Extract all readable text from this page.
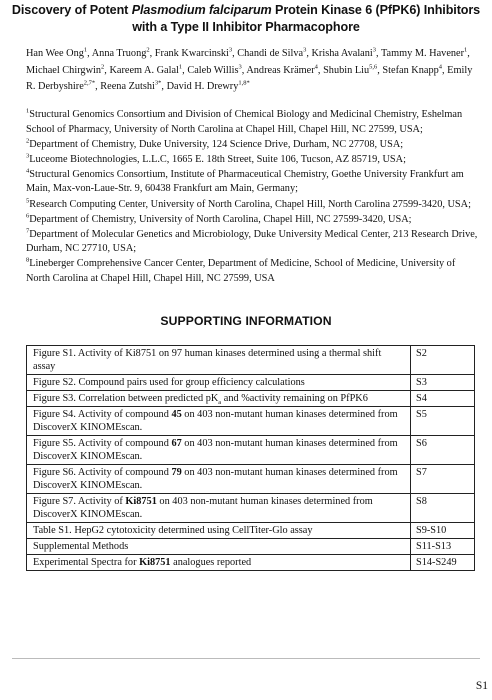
Discovery of Potent Plasmodium falciparum Protein Kinase 6 (PfPK6) Inhibitors
with a Type II Inhibitor Pharmacophore
Han Wee Ong$^1$, Anna Truong$^2$, Frank Kwarcinski$^3$, Chandi de Silva$^3$, Krisha Avalani$^3$, Tammy M. Havener$^1$, Michael Chirgwin$^2$, Kareem A. Galal$^1$, Caleb Willis$^3$, Andreas Krämer$^4$, Shubin Liu$^{5,6}$, Stefan Knapp$^4$, Emily R. Derbyshire$^{2,7*}$, Reena Zutshi$^{3*}$, David H. Drewry$^{1,8*}$

$^1$Structural Genomics Consortium and Division of Chemical Biology and Medicinal Chemistry, Eshelman School of Pharmacy, University of North Carolina at Chapel Hill, Chapel Hill, NC 27599, USA;

$^2$Department of Chemistry, Duke University, 124 Science Drive, Durham, NC 27708, USA;

$^3$Luceome Biotechnologies, L.L.C, 1665 E. 18th Street, Suite 106, Tucson, AZ 85719, USA;

$^4$Structural Genomics Consortium, Institute of Pharmaceutical Chemistry, Goethe University Frankfurt am Main, Max-von-Laue-Str. 9, 60438 Frankfurt am Main, Germany;

$^5$Research Computing Center, University of North Carolina, Chapel Hill, North Carolina 27599-3420, USA;

$^6$Department of Chemistry, University of North Carolina, Chapel Hill, NC 27599-3420, USA;

$^7$Department of Molecular Genetics and Microbiology, Duke University Medical Center, 213 Research Drive, Durham, NC 27710, USA;

$^8$Lineberger Comprehensive Cancer Center, Department of Medicine, School of Medicine, University of North Carolina at Chapel Hill, Chapel Hill, NC 27599, USA

SUPPORTING INFORMATION
Figure S1. Activity of Ki8751 on 97 human kinases determined using a thermal shift assay	S2
Figure S2. Compound pairs used for group efficiency calculations	S3
Figure S3. Correlation between predicted $pK_a$ and %activity remaining on PfPK6	S4
Figure S4. Activity of compound 45 on 403 non-mutant human kinases determined from DiscoverX KINOMEscan.	S5
Figure S5. Activity of compound 67 on 403 non-mutant human kinases determined from DiscoverX KINOMEscan.	S6
Figure S6. Activity of compound 79 on 403 non-mutant human kinases determined from DiscoverX KINOMEscan.	S7
Figure S7. Activity of Ki8751 on 403 non-mutant human kinases determined from DiscoverX KINOMEscan.	S8
Table S1. HepG2 cytotoxicity determined using CellTiter-Glo assay	S9-S10
Supplemental Methods	S11-S13
Experimental Spectra for Ki8751 analogues reported	S14-S249
S1
